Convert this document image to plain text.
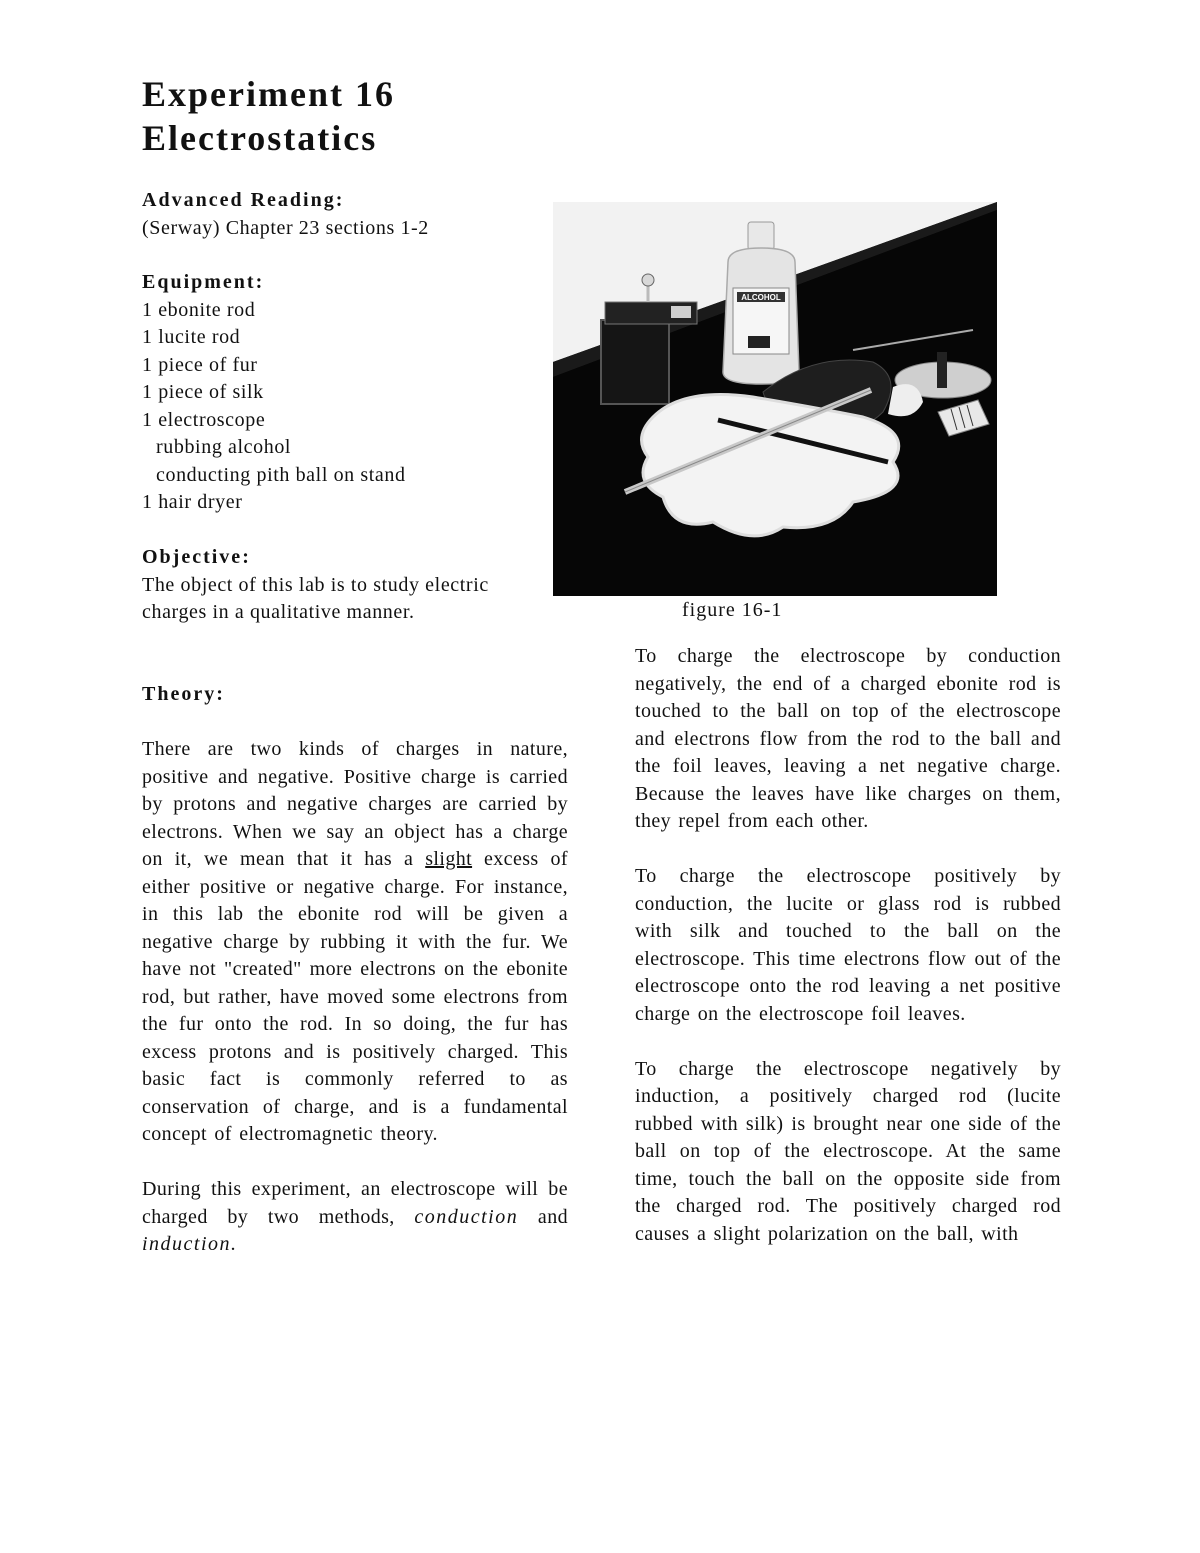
Experiment 16
Electrostatics
Advanced Reading:
(Serway) Chapter 23 sections 1-2
Equipment:
1 ebonite rod
1 lucite rod
1 piece of fur
1 piece of silk
1 electroscope
rubbing alcohol
conducting pith ball on stand
1 hair dryer
Objective:

The object of this lab is to study electric charges in a qualitative manner.

Theory:

There are two kinds of charges in nature, positive and negative. Positive charge is carried by protons and negative charges are carried by electrons. When we say an object has a charge on it, we mean that it has a slight excess of either positive or negative charge. For instance, in this lab the ebonite rod will be given a negative charge by rubbing it with the fur. We have not "created" more electrons on the ebonite rod, but rather, have moved some electrons from the fur onto the rod. In so doing, the fur has excess protons and is positively charged. This basic fact is commonly referred to as conservation of charge, and is a fundamental concept of electromagnetic theory.

During this experiment, an electroscope will be charged by two methods, conduction and induction.

ALCOHOL
figure 16-1

To charge the electroscope by conduction negatively, the end of a charged ebonite rod is touched to the ball on top of the electroscope and electrons flow from the rod to the ball and the foil leaves, leaving a net negative charge. Because the leaves have like charges on them, they repel from each other.

To charge the electroscope positively by conduction, the lucite or glass rod is rubbed with silk and touched to the ball on the electroscope. This time electrons flow out of the electroscope onto the rod leaving a net positive charge on the electroscope foil leaves.

To charge the electroscope negatively by induction, a positively charged rod (lucite rubbed with silk) is brought near one side of the ball on top of the electroscope. At the same time, touch the ball on the opposite side from the charged rod. The positively charged rod causes a slight polarization on the ball, with
